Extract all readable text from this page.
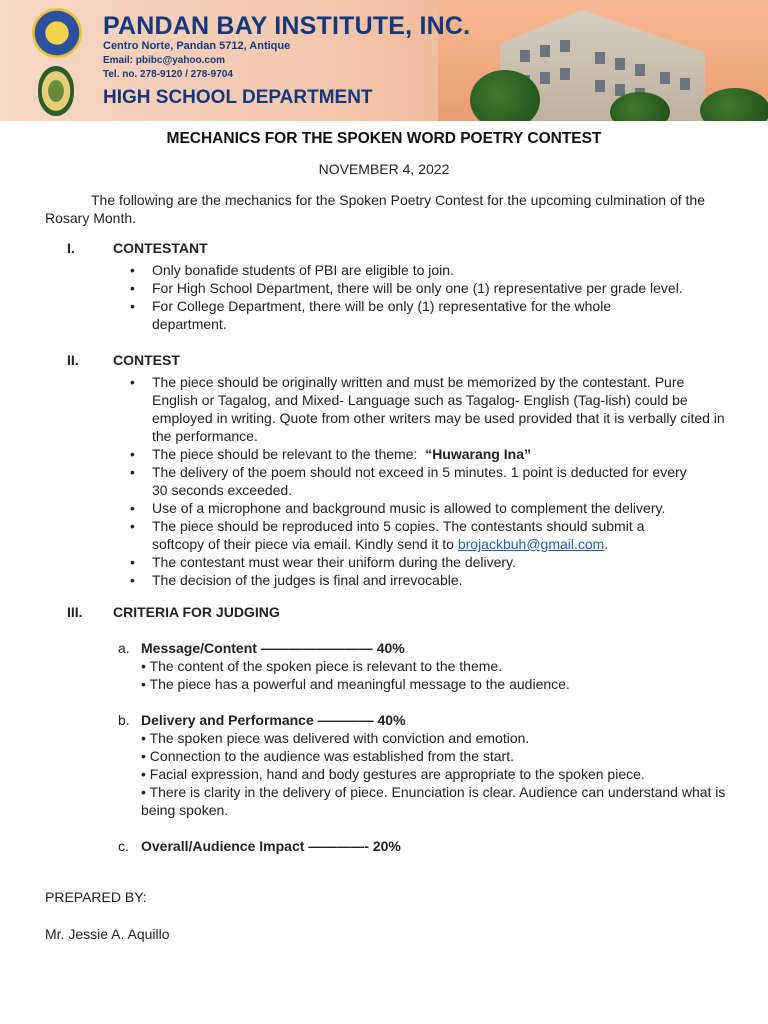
PANDAN BAY INSTITUTE, INC.
Centro Norte, Pandan 5712, Antique
Email: pbibc@yahoo.com
Tel. no. 278-9120 / 278-9704
HIGH SCHOOL DEPARTMENT
MECHANICS FOR THE SPOKEN WORD POETRY CONTEST
NOVEMBER 4, 2022
The following are the mechanics for the Spoken Poetry Contest for the upcoming culmination of the Rosary Month.
I.	CONTESTANT
• Only bonafide students of PBI are eligible to join.
• For High School Department, there will be only one (1) representative per grade level.
• For College Department, there will be only (1) representative for the whole department.
II. CONTEST
• The piece should be originally written and must be memorized by the contestant. Pure English or Tagalog, and Mixed- Language such as Tagalog- English (Tag-lish) could be employed in writing. Quote from other writers may be used provided that it is verbally cited in the performance.
• The piece should be relevant to the theme: “Huwarang Ina”
• The delivery of the poem should not exceed in 5 minutes. 1 point is deducted for every 30 seconds exceeded.
• Use of a microphone and background music is allowed to complement the delivery.
• The piece should be reproduced into 5 copies. The contestants should submit a softcopy of their piece via email. Kindly send it to brojackbuh@gmail.com.
• The contestant must wear their uniform during the delivery.
• The decision of the judges is final and irrevocable.
III. CRITERIA FOR JUDGING
a. Message/Content ———————— 40%
• The content of the spoken piece is relevant to the theme.
• The piece has a powerful and meaningful message to the audience.
b. Delivery and Performance ———— 40%
• The spoken piece was delivered with conviction and emotion.
• Connection to the audience was established from the start.
• Facial expression, hand and body gestures are appropriate to the spoken piece.
• There is clarity in the delivery of piece. Enunciation is clear. Audience can understand what is being spoken.
c. Overall/Audience Impact ————- 20%
PREPARED BY:
Mr. Jessie A. Aquillo
